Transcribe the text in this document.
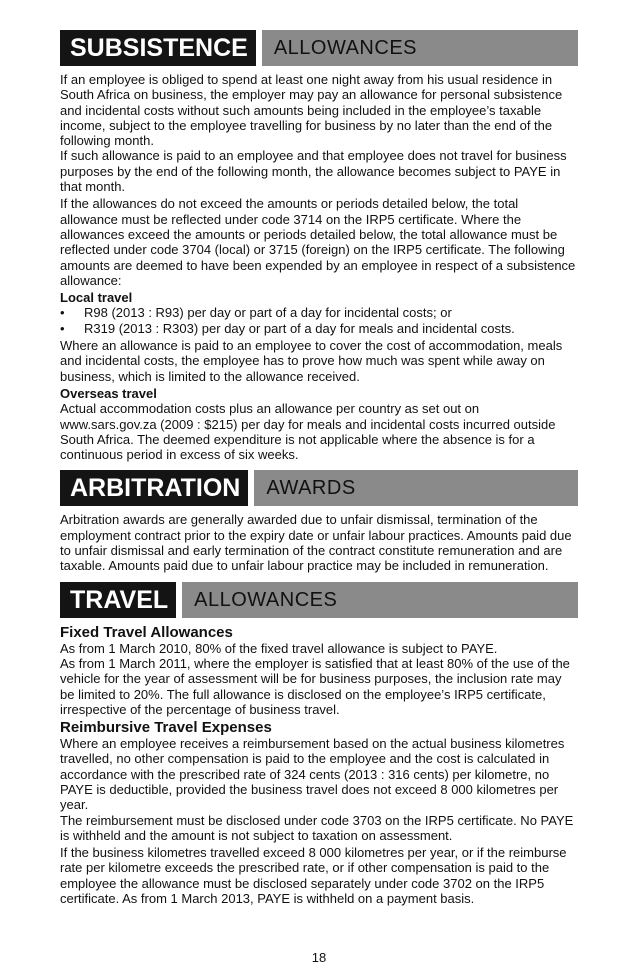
SUBSISTENCE	ALLOWANCES

If an employee is obliged to spend at least one night away from his usual residence in South Africa on business, the employer may pay an allowance for personal subsistence and incidental costs without such amounts being included in the employee’s taxable income, subject to the employee travelling for business by no later than the end of the following month.

If such allowance is paid to an employee and that employee does not travel for business purposes by the end of the following month, the allowance becomes subject to PAYE in that month.

If the allowances do not exceed the amounts or periods detailed below, the total allowance must be reflected under code 3714 on the IRP5 certificate. Where the allowances exceed the amounts or periods detailed below, the total allowance must be reflected under code 3704 (local) or 3715 (foreign) on the IRP5 certificate. The following amounts are deemed to have been expended by an employee in respect of a subsistence allowance:

Local travel
• R98 (2013 : R93) per day or part of a day for incidental costs; or
• R319 (2013 : R303) per day or part of a day for meals and incidental costs.

Where an allowance is paid to an employee to cover the cost of accommodation, meals and incidental costs, the employee has to prove how much was spent while away on business, which is limited to the allowance received.

Overseas travel

Actual accommodation costs plus an allowance per country as set out on www.sars.gov.za (2009 : $215) per day for meals and incidental costs incurred outside South Africa. The deemed expenditure is not applicable where the absence is for a continuous period in excess of six weeks.

ARBITRATION	AWARDS

Arbitration awards are generally awarded due to unfair dismissal, termination of the employment contract prior to the expiry date or unfair labour practices. Amounts paid due to unfair dismissal and early termination of the contract constitute remuneration and are taxable. Amounts paid due to unfair labour practice may be included in remuneration.

TRAVEL	ALLOWANCES
Fixed Travel Allowances

As from 1 March 2010, 80% of the fixed travel allowance is subject to PAYE.

As from 1 March 2011, where the employer is satisfied that at least 80% of the use of the vehicle for the year of assessment will be for business purposes, the inclusion rate may be limited to 20%. The full allowance is disclosed on the employee’s IRP5 certificate, irrespective of the percentage of business travel.

Reimbursive Travel Expenses

Where an employee receives a reimbursement based on the actual business kilometres travelled, no other compensation is paid to the employee and the cost is calculated in accordance with the prescribed rate of 324 cents (2013 : 316 cents) per kilometre, no PAYE is deductible, provided the business travel does not exceed 8 000 kilometres per year.

The reimbursement must be disclosed under code 3703 on the IRP5 certificate. No PAYE is withheld and the amount is not subject to taxation on assessment.

If the business kilometres travelled exceed 8 000 kilometres per year, or if the reimburse rate per kilometre exceeds the prescribed rate, or if other compensation is paid to the employee the allowance must be disclosed separately under code 3702 on the IRP5 certificate. As from 1 March 2013, PAYE is withheld on a payment basis.

18
